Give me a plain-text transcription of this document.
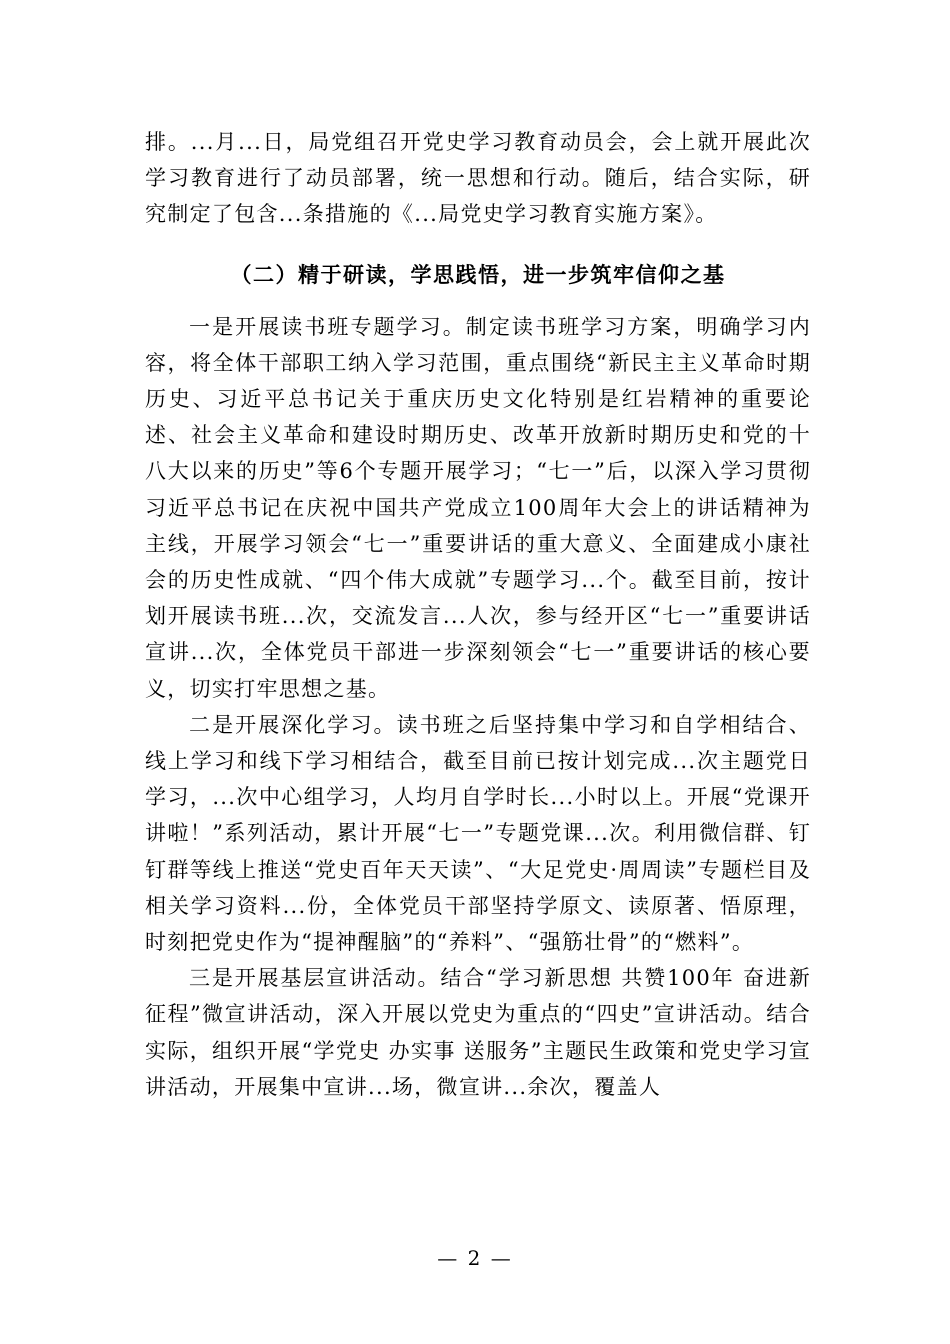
排。...月...日，局党组召开党史学习教育动员会，会上就开展此次学习教育进行了动员部署，统一思想和行动。随后，结合实际，研究制定了包含...条措施的《...局党史学习教育实施方案》。

（二）精于研读，学思践悟，进一步筑牢信仰之基

一是开展读书班专题学习。制定读书班学习方案，明确学习内容，将全体干部职工纳入学习范围，重点围绕“新民主主义革命时期历史、习近平总书记关于重庆历史文化特别是红岩精神的重要论述、社会主义革命和建设时期历史、改革开放新时期历史和党的十八大以来的历史”等6个专题开展学习；“七一”后，以深入学习贯彻习近平总书记在庆祝中国共产党成立100周年大会上的讲话精神为主线，开展学习领会“七一”重要讲话的重大意义、全面建成小康社会的历史性成就、“四个伟大成就”专题学习...个。截至目前，按计划开展读书班...次，交流发言...人次，参与经开区“七一”重要讲话宣讲...次，全体党员干部进一步深刻领会“七一”重要讲话的核心要义，切实打牢思想之基。

二是开展深化学习。读书班之后坚持集中学习和自学相结合、线上学习和线下学习相结合，截至目前已按计划完成...次主题党日学习，...次中心组学习，人均月自学时长...小时以上。开展“党课开讲啦！”系列活动，累计开展“七一”专题党课...次。利用微信群、钉钉群等线上推送“党史百年天天读”、“大足党史·周周读”专题栏目及相关学习资料...份，全体党员干部坚持学原文、读原著、悟原理，时刻把党史作为“提神醒脑”的“养料”、“强筋壮骨”的“燃料”。

三是开展基层宣讲活动。结合“学习新思想 共赞100年 奋进新征程”微宣讲活动，深入开展以党史为重点的“四史”宣讲活动。结合实际，组织开展“学党史 办实事 送服务”主题民生政策和党史学习宣讲活动，开展集中宣讲...场，微宣讲...余次，覆盖人

— 2 —
